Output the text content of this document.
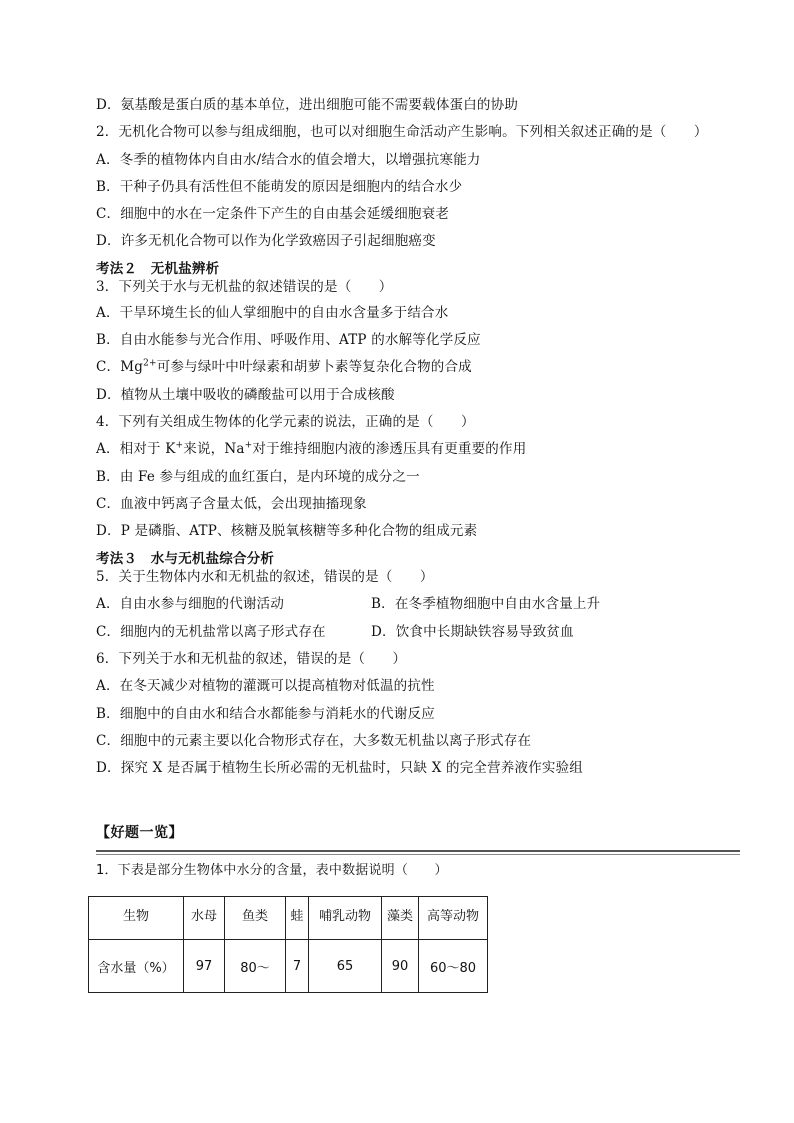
D．氨基酸是蛋白质的基本单位，进出细胞可能不需要载体蛋白的协助
2．无机化合物可以参与组成细胞，也可以对细胞生命活动产生影响。下列相关叙述正确的是（　　）
A．冬季的植物体内自由水/结合水的值会增大，以增强抗寒能力
B．干种子仍具有活性但不能萌发的原因是细胞内的结合水少
C．细胞中的水在一定条件下产生的自由基会延缓细胞衰老
D．许多无机化合物可以作为化学致癌因子引起细胞癌变
考法２　无机盐辨析
3．下列关于水与无机盐的叙述错误的是（　　）
A．干旱环境生长的仙人掌细胞中的自由水含量多于结合水
B．自由水能参与光合作用、呼吸作用、ATP 的水解等化学反应
C．$Mg^{2+}$可参与绿叶中叶绿素和胡萝卜素等复杂化合物的合成
D．植物从土壤中吸收的磷酸盐可以用于合成核酸
4．下列有关组成生物体的化学元素的说法，正确的是（　　）
A．相对于 K+来说，Na+对于维持细胞内液的渗透压具有更重要的作用
B．由 Fe 参与组成的血红蛋白，是内环境的成分之一
C．血液中钙离子含量太低，会出现抽搐现象
D．P 是磷脂、ATP、核糖及脱氧核糖等多种化合物的组成元素
考法３　水与无机盐综合分析
5．关于生物体内水和无机盐的叙述，错误的是（　　）
A．自由水参与细胞的代谢活动	B．在冬季植物细胞中自由水含量上升
C．细胞内的无机盐常以离子形式存在	D．饮食中长期缺铁容易导致贫血
6．下列关于水和无机盐的叙述，错误的是（　　）
A．在冬天减少对植物的灌溉可以提高植物对低温的抗性
B．细胞中的自由水和结合水都能参与消耗水的代谢反应
C．细胞中的元素主要以化合物形式存在，大多数无机盐以离子形式存在
D．探究 X 是否属于植物生长所必需的无机盐时，只缺 X 的完全营养液作实验组
【好题一览】
1．下表是部分生物体中水分的含量，表中数据说明（　　）
生物	水母	鱼类	蛙	哺乳动物	藻类	高等动物
含水量（%）	97	80～	7	65	90	60～80
